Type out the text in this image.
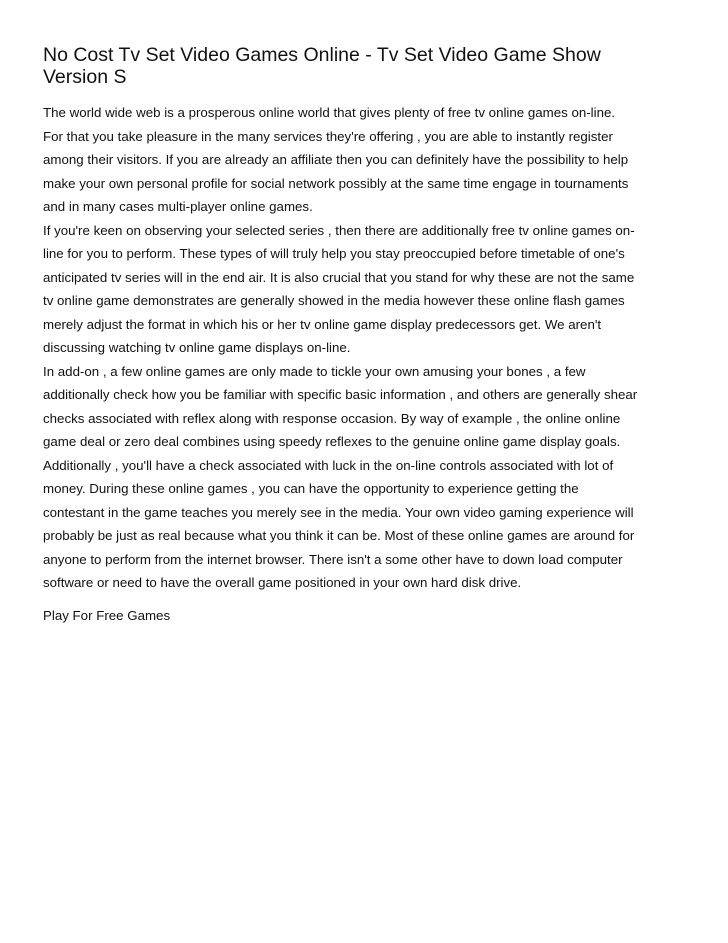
No Cost Tv Set Video Games Online - Tv Set Video Game Show
Version S

The world wide web is a prosperous online world that gives plenty of free tv online games on-line.
For that you take pleasure in the many services they're offering , you are able to instantly register
among their visitors. If you are already an affiliate then you can definitely have the possibility to help
make your own personal profile for social network possibly at the same time engage in tournaments
and in many cases multi-player online games.

If you're keen on observing your selected series , then there are additionally free tv online games on-
line for you to perform. These types of will truly help you stay preoccupied before timetable of one's
anticipated tv series will in the end air. It is also crucial that you stand for why these are not the same
tv online game demonstrates are generally showed in the media however these online flash games
merely adjust the format in which his or her tv online game display predecessors get. We aren't
discussing watching tv online game displays on-line.

In add-on , a few online games are only made to tickle your own amusing your bones , a few
additionally check how you be familiar with specific basic information , and others are generally shear
checks associated with reflex along with response occasion. By way of example , the online online
game deal or zero deal combines using speedy reflexes to the genuine online game display goals.
Additionally , you'll have a check associated with luck in the on-line controls associated with lot of
money. During these online games , you can have the opportunity to experience getting the
contestant in the game teaches you merely see in the media. Your own video gaming experience will
probably be just as real because what you think it can be. Most of these online games are around for
anyone to perform from the internet browser. There isn't a some other have to down load computer
software or need to have the overall game positioned in your own hard disk drive.

Play For Free Games
